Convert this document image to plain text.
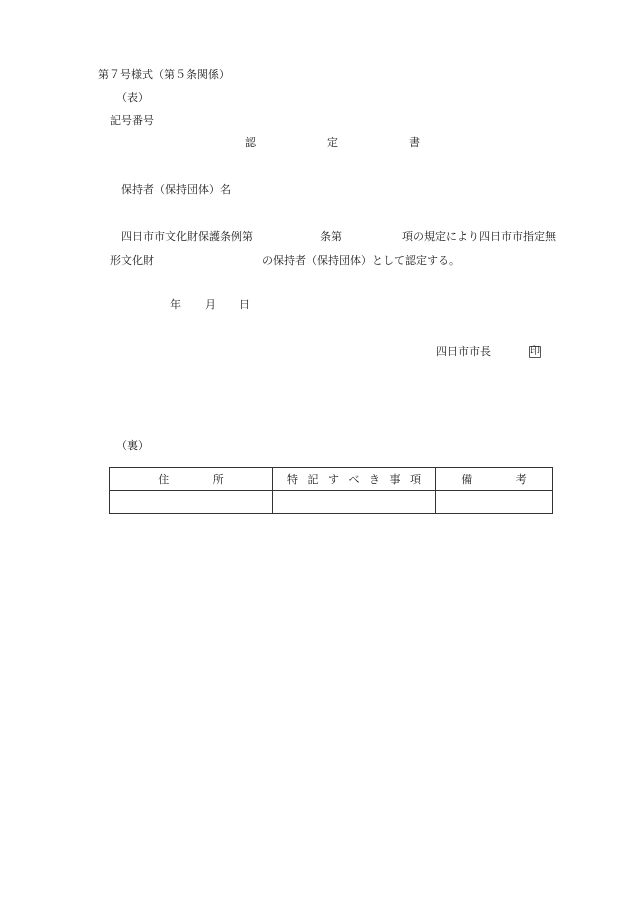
第７号様式（第５条関係）
（表）
記号番号
認	定	書
保持者（保持団体）名
四日市市文化財保護条例第	条第	項の規定により四日市市指定無
形文化財	の保持者（保持団体）として認定する。
年 月 日
四日市市長	印
（裏）
住 所	特 記 す べ き 事 項	備 考
